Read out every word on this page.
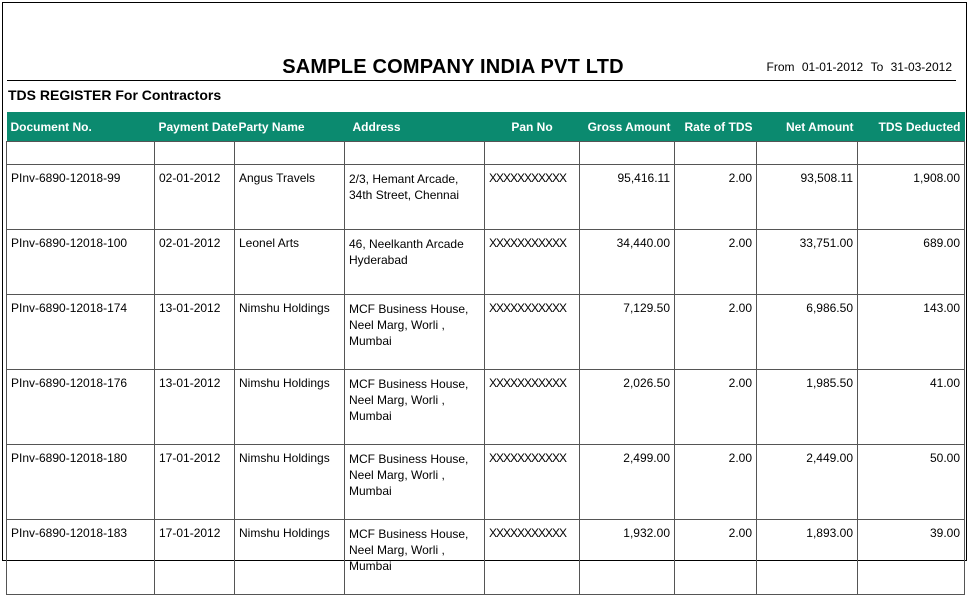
SAMPLE COMPANY INDIA PVT LTD	From 01-01-2012 To 31-03-2012
TDS REGISTER For Contractors
Document No.	Payment Date	Party Name	Address	Pan No	Gross Amount	Rate of TDS	Net Amount	TDS Deducted

PInv-6890-12018-99	02-01-2012	Angus Travels	2/3, Hemant Arcade, 34th Street, Chennai	XXXXXXXXXXX	95,416.11	2.00	93,508.11	1,908.00
PInv-6890-12018-100	02-01-2012	Leonel Arts	46, Neelkanth Arcade Hyderabad	XXXXXXXXXXX	34,440.00	2.00	33,751.00	689.00
PInv-6890-12018-174	13-01-2012	Nimshu Holdings	MCF Business House, Neel Marg, Worli , Mumbai	XXXXXXXXXXX	7,129.50	2.00	6,986.50	143.00
PInv-6890-12018-176	13-01-2012	Nimshu Holdings	MCF Business House, Neel Marg, Worli , Mumbai	XXXXXXXXXXX	2,026.50	2.00	1,985.50	41.00
PInv-6890-12018-180	17-01-2012	Nimshu Holdings	MCF Business House, Neel Marg, Worli , Mumbai	XXXXXXXXXXX	2,499.00	2.00	2,449.00	50.00
PInv-6890-12018-183	17-01-2012	Nimshu Holdings	MCF Business House, Neel Marg, Worli , Mumbai	XXXXXXXXXXX	1,932.00	2.00	1,893.00	39.00
